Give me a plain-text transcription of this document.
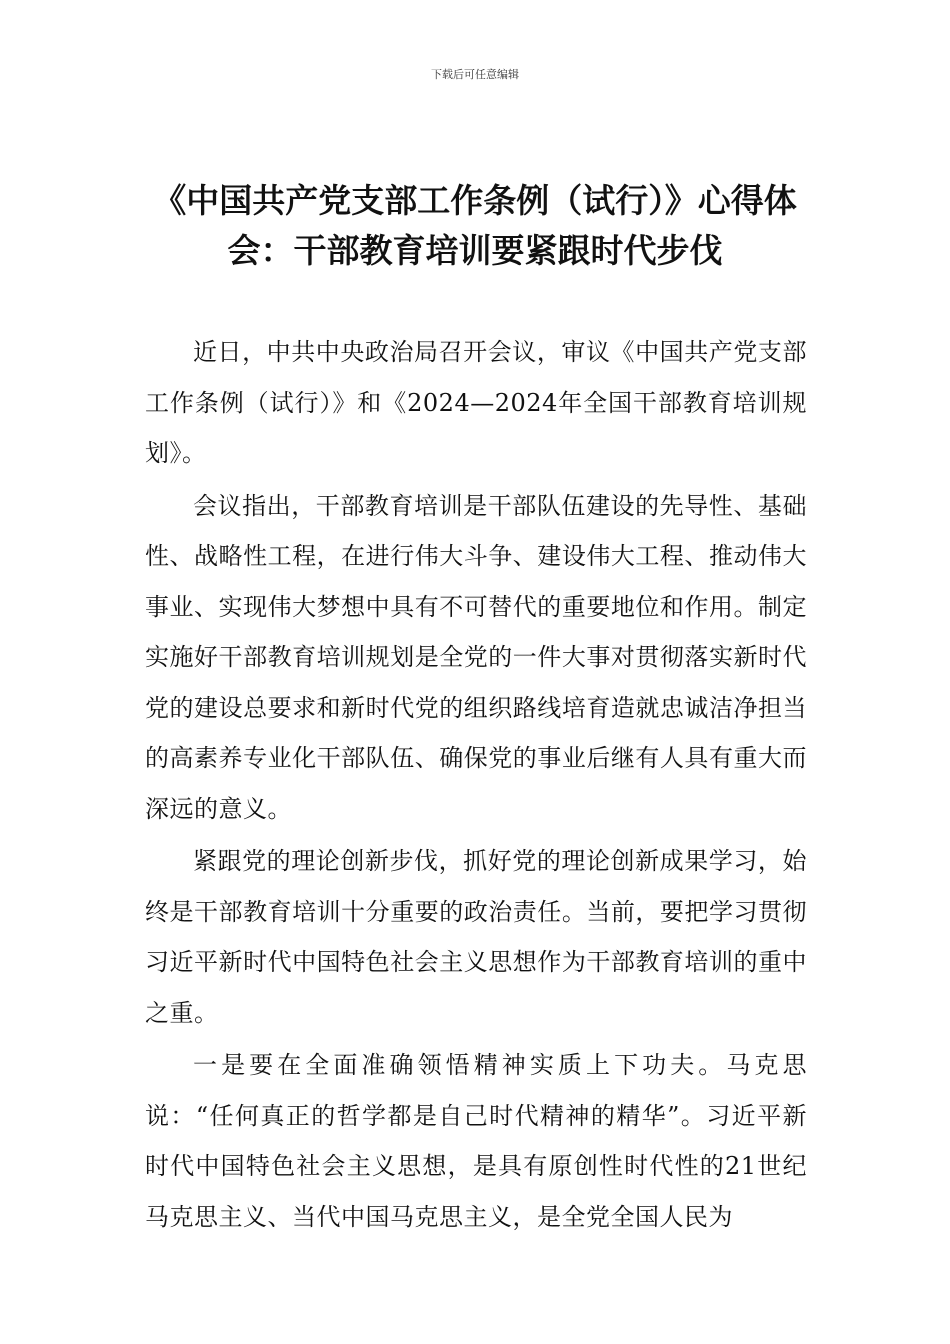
下载后可任意编辑
《中国共产党支部工作条例（试行）》心得体会：干部教育培训要紧跟时代步伐

近日，中共中央政治局召开会议，审议《中国共产党支部工作条例（试行）》和《2024—2024年全国干部教育培训规划》。

会议指出，干部教育培训是干部队伍建设的先导性、基础性、战略性工程，在进行伟大斗争、建设伟大工程、推动伟大事业、实现伟大梦想中具有不可替代的重要地位和作用。制定实施好干部教育培训规划是全党的一件大事对贯彻落实新时代党的建设总要求和新时代党的组织路线培育造就忠诚洁净担当的高素养专业化干部队伍、确保党的事业后继有人具有重大而深远的意义。

紧跟党的理论创新步伐，抓好党的理论创新成果学习，始终是干部教育培训十分重要的政治责任。当前，要把学习贯彻习近平新时代中国特色社会主义思想作为干部教育培训的重中之重。

一是要在全面准确领悟精神实质上下功夫。马克思说：“任何真正的哲学都是自己时代精神的精华”。习近平新时代中国特色社会主义思想，是具有原创性时代性的21世纪马克思主义、当代中国马克思主义，是全党全国人民为
